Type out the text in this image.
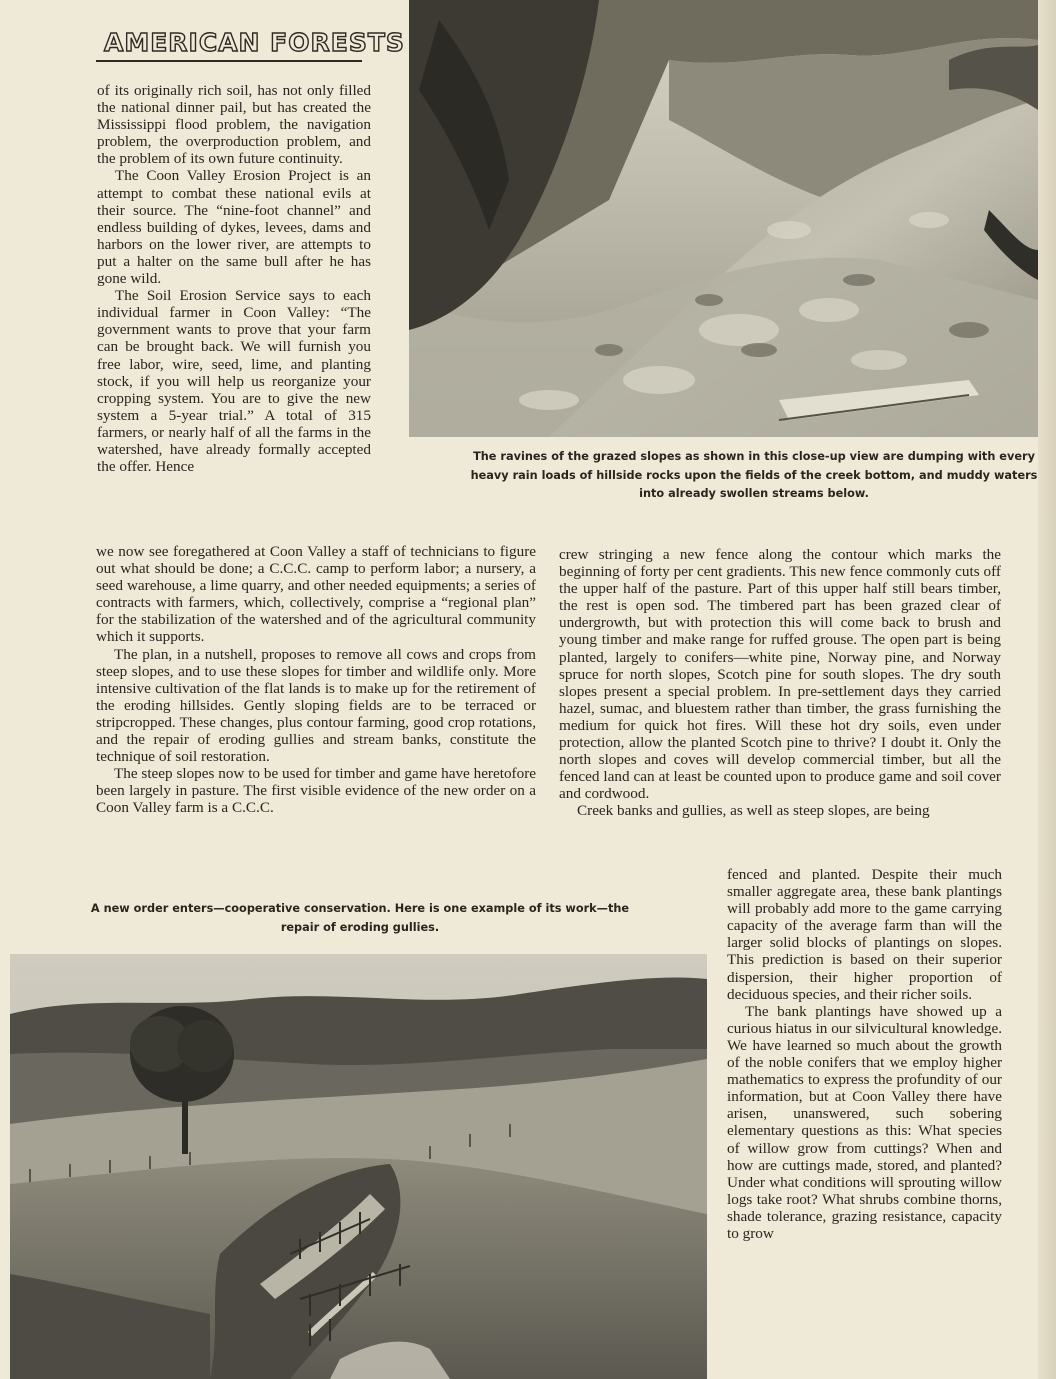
AMERICAN FORESTS
The ravines of the grazed slopes as shown in this close-up view are dumping with every heavy rain loads of hillside rocks upon the fields of the creek bottom, and muddy waters into already swollen streams below.

of its originally rich soil, has not only filled the national dinner pail, but has created the Mississippi flood problem, the navigation problem, the overproduction problem, and the problem of its own future continuity.

The Coon Valley Erosion Project is an attempt to combat these national evils at their source. The “nine-foot channel” and endless building of dykes, levees, dams and harbors on the lower river, are attempts to put a halter on the same bull after he has gone wild.

The Soil Erosion Service says to each individual farmer in Coon Valley: “The government wants to prove that your farm can be brought back. We will furnish you free labor, wire, seed, lime, and planting stock, if you will help us reorganize your cropping system. You are to give the new system a 5-year trial.” A total of 315 farmers, or nearly half of all the farms in the watershed, have already formally accepted the offer. Hence

we now see foregathered at Coon Valley a staff of technicians to figure out what should be done; a C.C.C. camp to perform labor; a nursery, a seed warehouse, a lime quarry, and other needed equipments; a series of contracts with farmers, which, collectively, comprise a “regional plan” for the stabilization of the watershed and of the agricultural community which it supports.

The plan, in a nutshell, proposes to remove all cows and crops from steep slopes, and to use these slopes for timber and wildlife only. More intensive cultivation of the flat lands is to make up for the retirement of the eroding hillsides. Gently sloping fields are to be terraced or stripcropped. These changes, plus contour farming, good crop rotations, and the repair of eroding gullies and stream banks, constitute the technique of soil restoration.

The steep slopes now to be used for timber and game have heretofore been largely in pasture. The first visible evidence of the new order on a Coon Valley farm is a C.C.C.

crew stringing a new fence along the contour which marks the beginning of forty per cent gradients. This new fence commonly cuts off the upper half of the pasture. Part of this upper half still bears timber, the rest is open sod. The timbered part has been grazed clear of undergrowth, but with protection this will come back to brush and young timber and make range for ruffed grouse. The open part is being planted, largely to conifers—white pine, Norway pine, and Norway spruce for north slopes, Scotch pine for south slopes. The dry south slopes present a special problem. In pre-settlement days they carried hazel, sumac, and bluestem rather than timber, the grass furnishing the medium for quick hot fires. Will these hot dry soils, even under protection, allow the planted Scotch pine to thrive? I doubt it. Only the north slopes and coves will develop commercial timber, but all the fenced land can at least be counted upon to produce game and soil cover and cordwood.

Creek banks and gullies, as well as steep slopes, are being

fenced and planted. Despite their much smaller aggregate area, these bank plantings will probably add more to the game carrying capacity of the average farm than will the larger solid blocks of plantings on slopes. This prediction is based on their superior dispersion, their higher proportion of deciduous species, and their richer soils.

The bank plantings have showed up a curious hiatus in our silvicultural knowledge. We have learned so much about the growth of the noble conifers that we employ higher mathematics to express the profundity of our information, but at Coon Valley there have arisen, unanswered, such sobering elementary questions as this: What species of willow grow from cuttings? When and how are cuttings made, stored, and planted? Under what conditions will sprouting willow logs take root? What shrubs combine thorns, shade tolerance, grazing resistance, capacity to grow

A new order enters—cooperative conservation. Here is one example of its work—the repair of eroding gullies.
